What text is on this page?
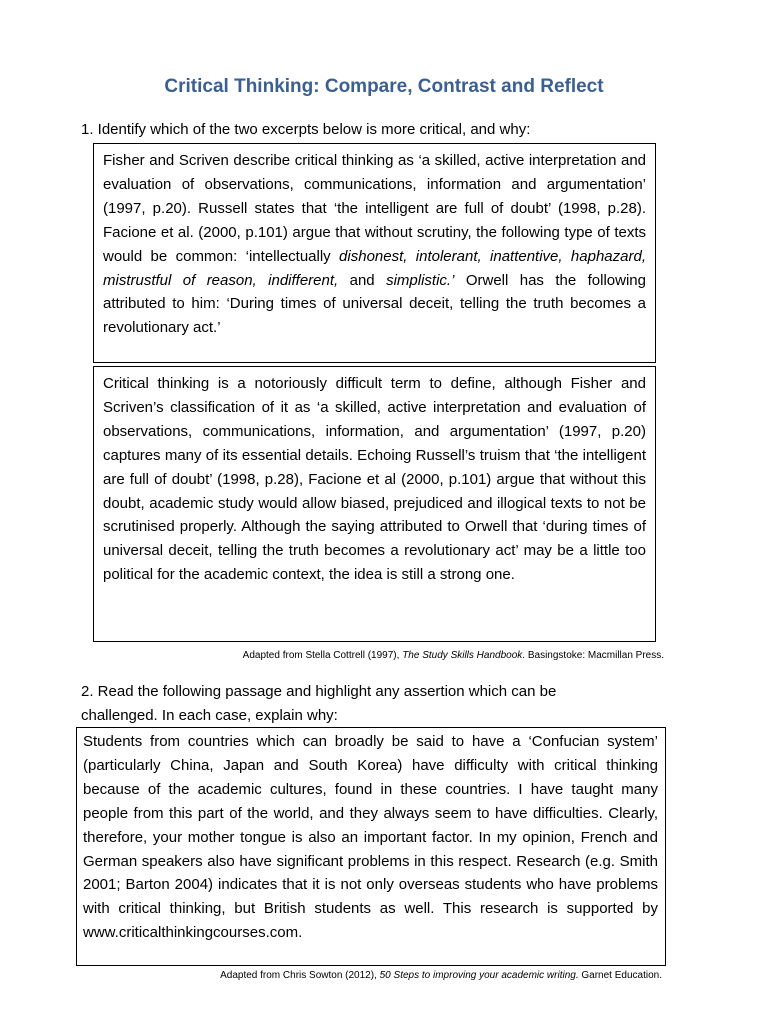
Critical Thinking: Compare, Contrast and Reflect
1. Identify which of the two excerpts below is more critical, and why:

Fisher and Scriven describe critical thinking as ‘a skilled, active interpretation and evaluation of observations, communications, information and argumentation’ (1997, p.20). Russell states that ‘the intelligent are full of doubt’ (1998, p.28). Facione et al. (2000, p.101) argue that without scrutiny, the following type of texts would be common: ‘intellectually dishonest, intolerant, inattentive, haphazard, mistrustful of reason, indifferent, and simplistic.’ Orwell has the following attributed to him: ‘During times of universal deceit, telling the truth becomes a revolutionary act.’

Critical thinking is a notoriously difficult term to define, although Fisher and Scriven’s classification of it as ‘a skilled, active interpretation and evaluation of observations, communications, information, and argumentation’ (1997, p.20) captures many of its essential details. Echoing Russell’s truism that ‘the intelligent are full of doubt’ (1998, p.28), Facione et al (2000, p.101) argue that without this doubt, academic study would allow biased, prejudiced and illogical texts to not be scrutinised properly. Although the saying attributed to Orwell that ‘during times of universal deceit, telling the truth becomes a revolutionary act’ may be a little too political for the academic context, the idea is still a strong one.

Adapted from Stella Cottrell (1997), The Study Skills Handbook. Basingstoke: Macmillan Press.
2. Read the following passage and highlight any assertion which can be challenged. In each case, explain why:

Students from countries which can broadly be said to have a ‘Confucian system’ (particularly China, Japan and South Korea) have difficulty with critical thinking because of the academic cultures, found in these countries. I have taught many people from this part of the world, and they always seem to have difficulties. Clearly, therefore, your mother tongue is also an important factor. In my opinion, French and German speakers also have significant problems in this respect. Research (e.g. Smith 2001; Barton 2004) indicates that it is not only overseas students who have problems with critical thinking, but British students as well. This research is supported by www.criticalthinkingcourses.com.

Adapted from Chris Sowton (2012), 50 Steps to improving your academic writing. Garnet Education.
